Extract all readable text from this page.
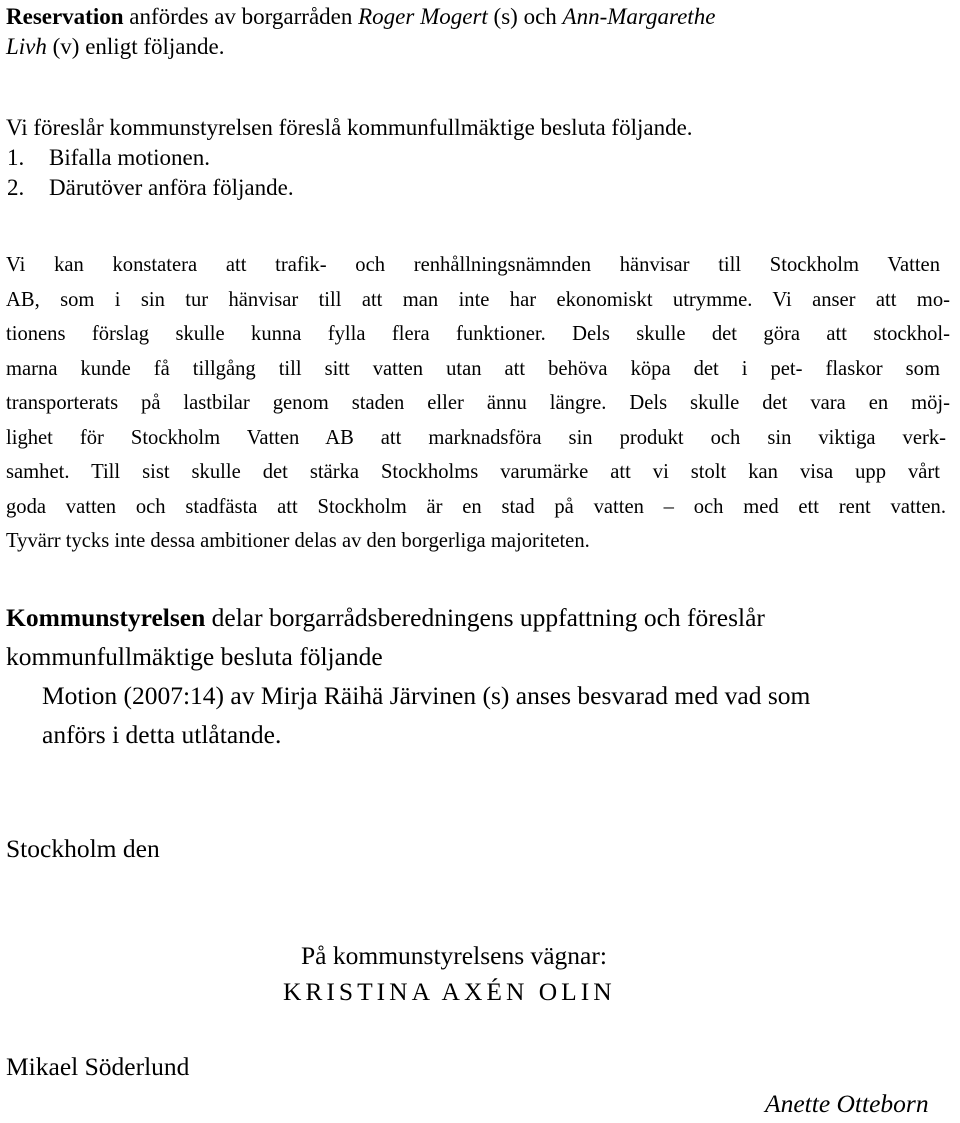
Reservation anfördes av borgarråden Roger Mogert (s) och Ann-Margarethe
Livh (v) enligt följande.
Vi föreslår kommunstyrelsen föreslå kommunfullmäktige besluta följande.
1. Bifalla motionen.
2. Därutöver anföra följande.
Vi kan konstatera att trafik- och renhållningsnämnden hänvisar till Stockholm Vatten
AB, som i sin tur hänvisar till att man inte har ekonomiskt utrymme. Vi anser att mo-
tionens förslag skulle kunna fylla flera funktioner. Dels skulle det göra att stockhol-
marna kunde få tillgång till sitt vatten utan att behöva köpa det i pet- flaskor som
transporterats på lastbilar genom staden eller ännu längre. Dels skulle det vara en möj-
lighet för Stockholm Vatten AB att marknadsföra sin produkt och sin viktiga verk-
samhet. Till sist skulle det stärka Stockholms varumärke att vi stolt kan visa upp vårt
goda vatten och stadfästa att Stockholm är en stad på vatten – och med ett rent vatten.
Tyvärr tycks inte dessa ambitioner delas av den borgerliga majoriteten.
Kommunstyrelsen delar borgarrådsberedningens uppfattning och föreslår
kommunfullmäktige besluta följande
Motion (2007:14) av Mirja Räihä Järvinen (s) anses besvarad med vad som
anförs i detta utlåtande.
Stockholm den
På kommunstyrelsens vägnar:
KRISTINA AXÉN OLIN
Mikael Söderlund
Anette Otteborn
